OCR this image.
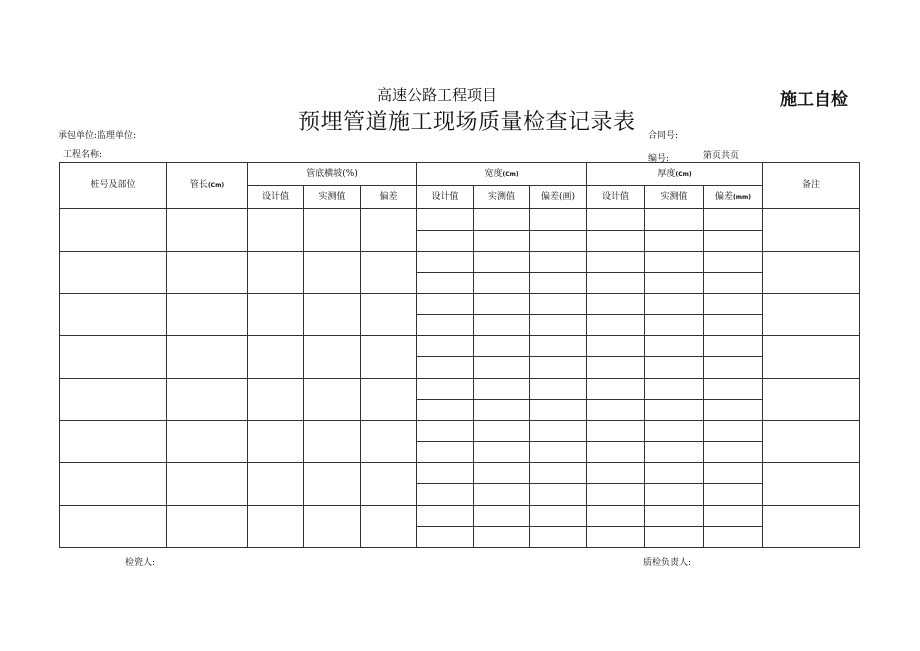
高速公路工程项目	施工自检
预埋管道施工现场质量检查记录表
承包单位:监理单位:	合同号:
工程名称:	编号:	第页共页
桩号及部位	管长(Cm)	管底横坡(%)			宽度(Cm)			厚度(Cm)			备注
		设计值	实测值	偏差	设计值	实测值	偏差(画)	设计值	实测值	偏差(mm)	

检瓷人:	质检负责人:
